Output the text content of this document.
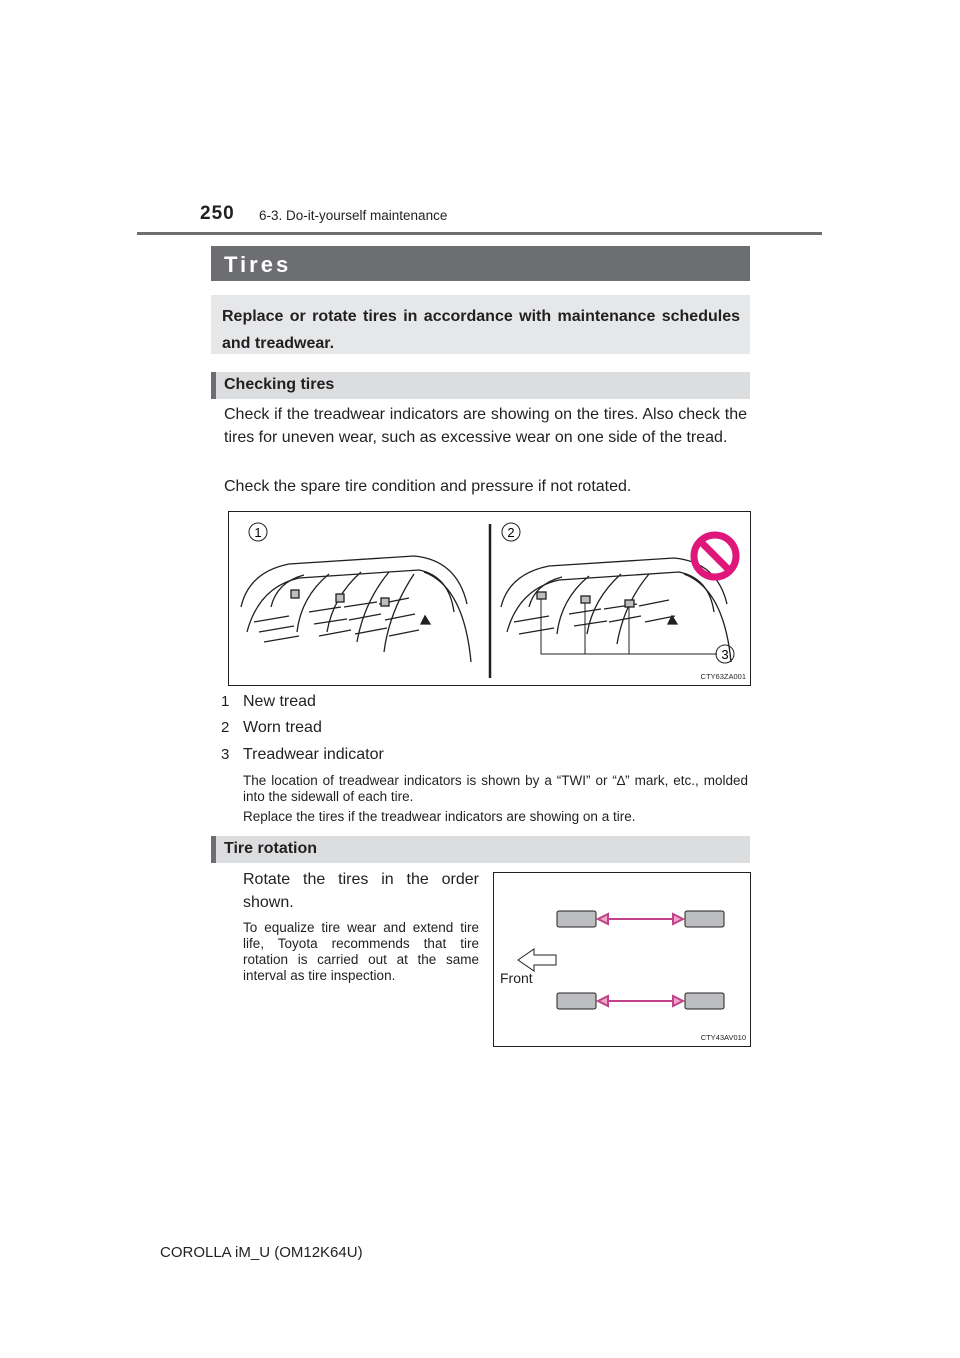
250 6-3. Do-it-yourself maintenance
Tires
Replace or rotate tires in accordance with maintenance schedules and treadwear.
Checking tires
Check if the treadwear indicators are showing on the tires. Also check the tires for uneven wear, such as excessive wear on one side of the tread.
Check the spare tire condition and pressure if not rotated.
1	2
3
CTY63ZA001
1 New tread
2 Worn tread
3 Treadwear indicator
The location of treadwear indicators is shown by a “TWI” or “∆” mark, etc., molded into the sidewall of each tire.
Replace the tires if the treadwear indicators are showing on a tire.
Tire rotation
Rotate the tires in the order shown.
To equalize tire wear and extend tire life, Toyota recommends that tire rotation is carried out at the same interval as tire inspection.	Front
CTY43AV010
COROLLA iM_U (OM12K64U)
